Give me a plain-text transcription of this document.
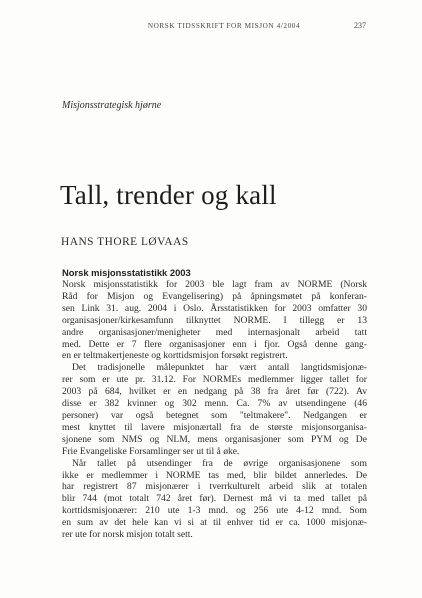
NORSK TIDSSKRIFT FOR MISJON 4/2004	237
Misjonsstrategisk hjørne
Tall, trender og kall
HANS THORE LØVAAS

Norsk misjonsstatistikk 2003

Norsk misjonsstatistikk for 2003 ble lagt fram av NORME (Norsk
Råd for Misjon og Evangelisering) på åpningsmøtet på konferan-
sen Link 31. aug. 2004 i Oslo. Årsstatistikken for 2003 omfatter 30
organisasjoner/kirkesamfunn tilknyttet NORME. I tillegg er 13
andre organisasjoner/menigheter med internasjonalt arbeid tatt
med. Dette er 7 flere organisasjoner enn i fjor. Også denne gang-
en er teltmakertjeneste og korttidsmisjon forsøkt registrert.

Det tradisjonelle målepunktet har vært antall langtidsmisjonæ-
rer som er ute pr. 31.12. For NORMEs medlemmer ligger tallet for
2003 på 684, hvilket er en nedgang på 38 fra året før (722). Av
disse er 382 kvinner og 302 menn. Ca. 7% av utsendingene (46
personer) var også betegnet som "teltmakere". Nedgangen er
mest knyttet til lavere misjonærtall fra de største misjonsorganisa-
sjonene som NMS og NLM, mens organisasjoner som PYM og De
Frie Evangeliske Forsamlinger ser ut til å øke.

Når tallet på utsendinger fra de øvrige organisasjonene som
ikke er medlemmer i NORME tas med, blir bildet annerledes. De
har registrert 87 misjonærer i tverrkulturelt arbeid slik at totalen
blir 744 (mot totalt 742 året før). Dernest må vi ta med tallet på
korttidsmisjonærer: 210 ute 1-3 mnd. og 256 ute 4-12 mnd. Som
en sum av det hele kan vi si at til enhver tid er ca. 1000 misjonæ-
rer ute for norsk misjon totalt sett.
